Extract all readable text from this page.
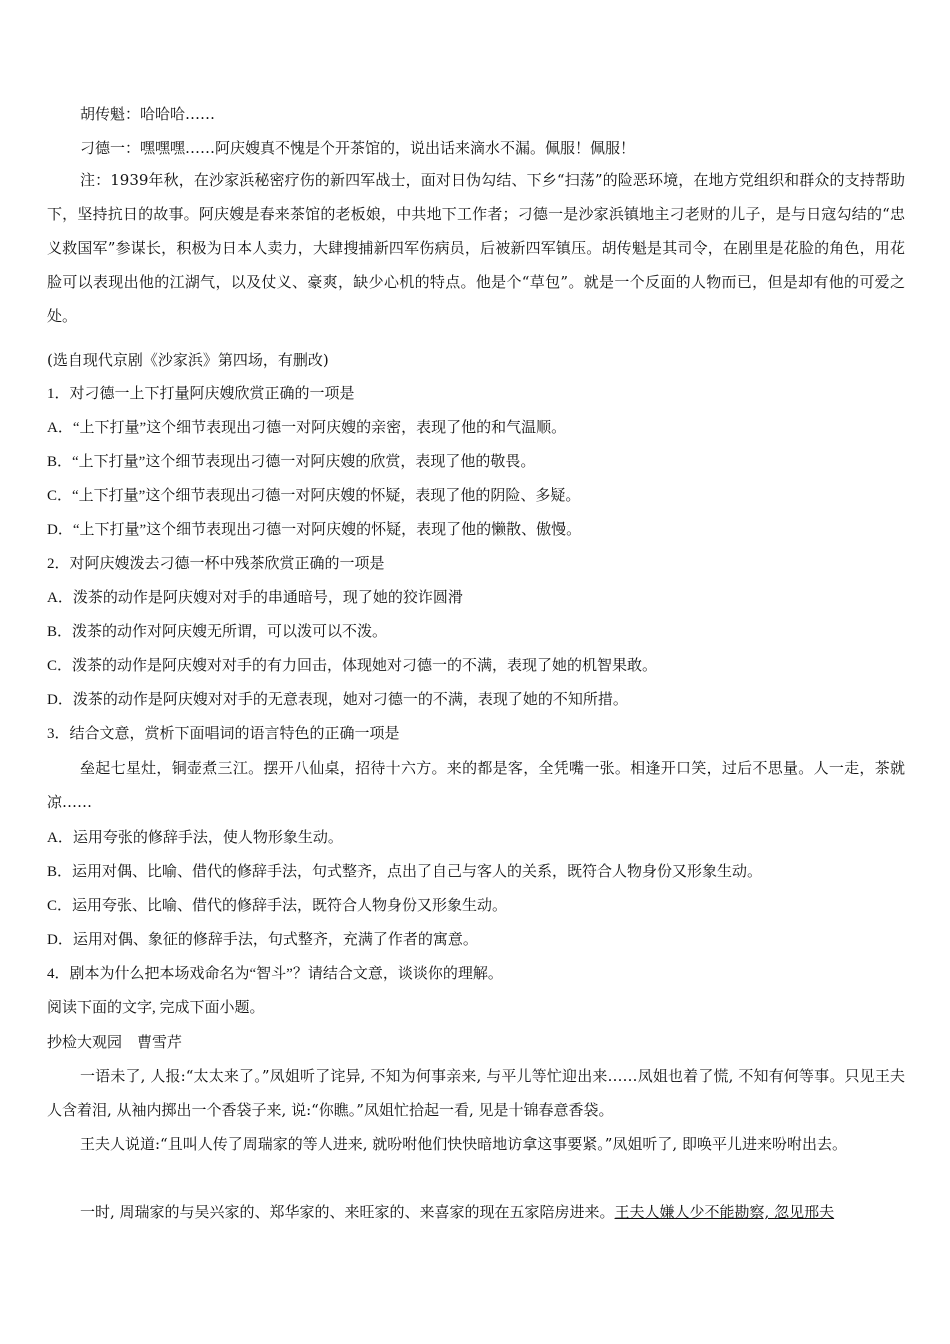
胡传魁：哈哈哈……
刁德一：嘿嘿嘿……阿庆嫂真不愧是个开茶馆的，说出话来滴水不漏。佩服！佩服！
注：1939年秋，在沙家浜秘密疗伤的新四军战士，面对日伪勾结、下乡“扫荡”的险恶环境，在地方党组织和群众的支持帮助下，坚持抗日的故事。阿庆嫂是春来茶馆的老板娘，中共地下工作者；刁德一是沙家浜镇地主刁老财的儿子，是与日寇勾结的“忠义救国军”参谋长，积极为日本人卖力，大肆搜捕新四军伤病员，后被新四军镇压。胡传魁是其司令，在剧里是花脸的角色，用花脸可以表现出他的江湖气，以及仗义、豪爽，缺少心机的特点。他是个“草包”。就是一个反面的人物而已，但是却有他的可爱之处。
(选自现代京剧《沙家浜》第四场，有删改)
1．对刁德一上下打量阿庆嫂欣赏正确的一项是
A．“上下打量”这个细节表现出刁德一对阿庆嫂的亲密，表现了他的和气温顺。
B．“上下打量”这个细节表现出刁德一对阿庆嫂的欣赏，表现了他的敬畏。
C．“上下打量”这个细节表现出刁德一对阿庆嫂的怀疑，表现了他的阴险、多疑。
D．“上下打量”这个细节表现出刁德一对阿庆嫂的怀疑，表现了他的懒散、傲慢。
2．对阿庆嫂泼去刁德一杯中残茶欣赏正确的一项是
A．泼茶的动作是阿庆嫂对对手的串通暗号，现了她的狡诈圆滑
B．泼茶的动作对阿庆嫂无所谓，可以泼可以不泼。
C．泼茶的动作是阿庆嫂对对手的有力回击，体现她对刁德一的不满，表现了她的机智果敢。
D．泼茶的动作是阿庆嫂对对手的无意表现，她对刁德一的不满，表现了她的不知所措。
3．结合文意，赏析下面唱词的语言特色的正确一项是
垒起七星灶，铜壶煮三江。摆开八仙桌，招待十六方。来的都是客，全凭嘴一张。相逢开口笑，过后不思量。人一走，茶就凉……
A．运用夸张的修辞手法，使人物形象生动。
B．运用对偶、比喻、借代的修辞手法，句式整齐，点出了自己与客人的关系，既符合人物身份又形象生动。
C．运用夸张、比喻、借代的修辞手法，既符合人物身份又形象生动。
D．运用对偶、象征的修辞手法，句式整齐，充满了作者的寓意。
4．剧本为什么把本场戏命名为“智斗”？请结合文意，谈谈你的理解。
阅读下面的文字, 完成下面小题。
抄检大观园　曹雪芹
一语未了, 人报:“太太来了。”凤姐听了诧异, 不知为何事亲来, 与平儿等忙迎出来……凤姐也着了慌, 不知有何等事。只见王夫人含着泪, 从袖内掷出一个香袋子来, 说:“你瞧。”凤姐忙拾起一看, 见是十锦春意香袋。
王夫人说道:“且叫人传了周瑞家的等人进来, 就吩咐他们快快暗地访拿这事要紧。”凤姐听了, 即唤平儿进来吩咐出去。
一时, 周瑞家的与吴兴家的、郑华家的、来旺家的、来喜家的现在五家陪房进来。王夫人嫌人少不能勘察, 忽见邢夫
